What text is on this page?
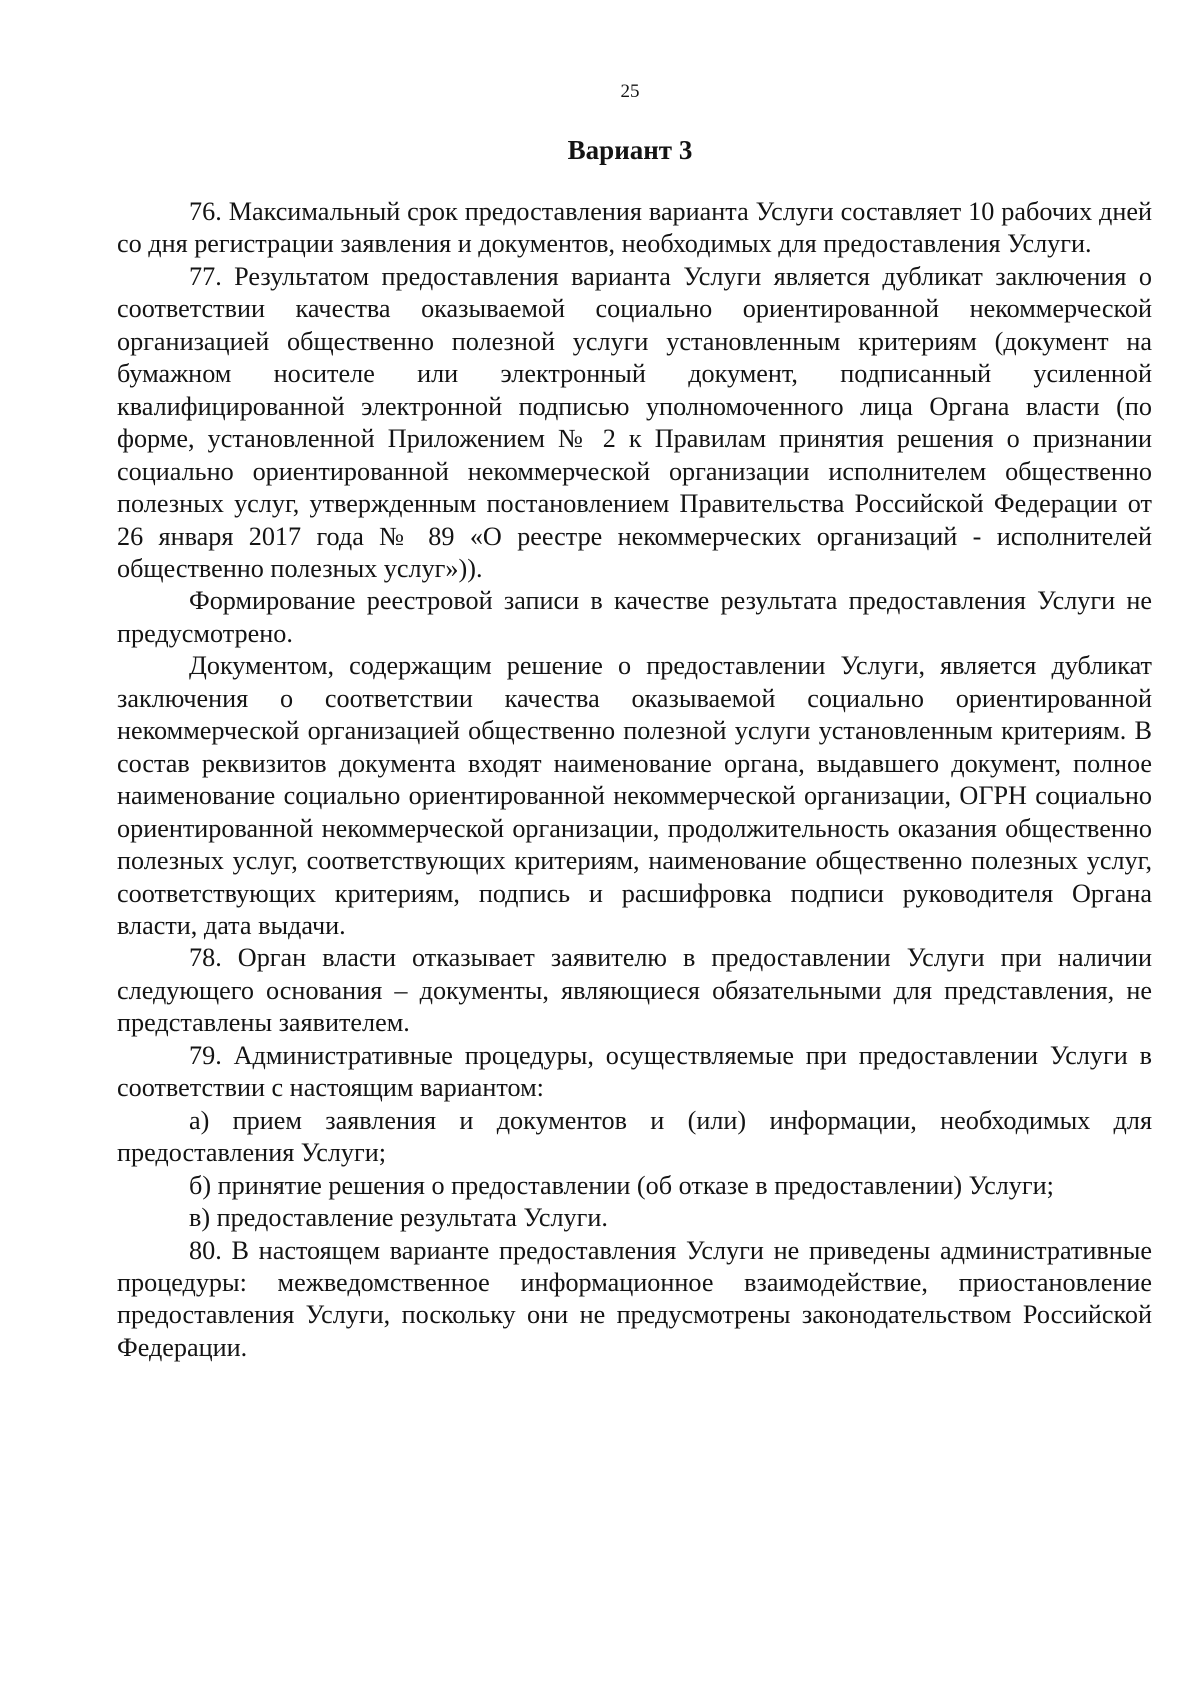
25
Вариант 3

76. Максимальный срок предоставления варианта Услуги составляет 10 рабочих дней со дня регистрации заявления и документов, необходимых для предоставления Услуги.

77. Результатом предоставления варианта Услуги является дубликат заключения о соответствии качества оказываемой социально ориентированной некоммерческой организацией общественно полезной услуги установленным критериям (документ на бумажном носителе или электронный документ, подписанный усиленной квалифицированной электронной подписью уполномоченного лица Органа власти (по форме, установленной Приложением № 2 к Правилам принятия решения о признании социально ориентированной некоммерческой организации исполнителем общественно полезных услуг, утвержденным постановлением Правительства Российской Федерации от 26 января 2017 года № 89 «О реестре некоммерческих организаций - исполнителей общественно полезных услуг»)).

Формирование реестровой записи в качестве результата предоставления Услуги не предусмотрено.

Документом, содержащим решение о предоставлении Услуги, является дубликат заключения о соответствии качества оказываемой социально ориентированной некоммерческой организацией общественно полезной услуги установленным критериям. В состав реквизитов документа входят наименование органа, выдавшего документ, полное наименование социально ориентированной некоммерческой организации, ОГРН социально ориентированной некоммерческой организации, продолжительность оказания общественно полезных услуг, соответствующих критериям, наименование общественно полезных услуг, соответствующих критериям, подпись и расшифровка подписи руководителя Органа власти, дата выдачи.

78. Орган власти отказывает заявителю в предоставлении Услуги при наличии следующего основания – документы, являющиеся обязательными для представления, не представлены заявителем.

79. Административные процедуры, осуществляемые при предоставлении Услуги в соответствии с настоящим вариантом:

а) прием заявления и документов и (или) информации, необходимых для предоставления Услуги;

б) принятие решения о предоставлении (об отказе в предоставлении) Услуги;

в) предоставление результата Услуги.

80. В настоящем варианте предоставления Услуги не приведены административные процедуры: межведомственное информационное взаимодействие, приостановление предоставления Услуги, поскольку они не предусмотрены законодательством Российской Федерации.
